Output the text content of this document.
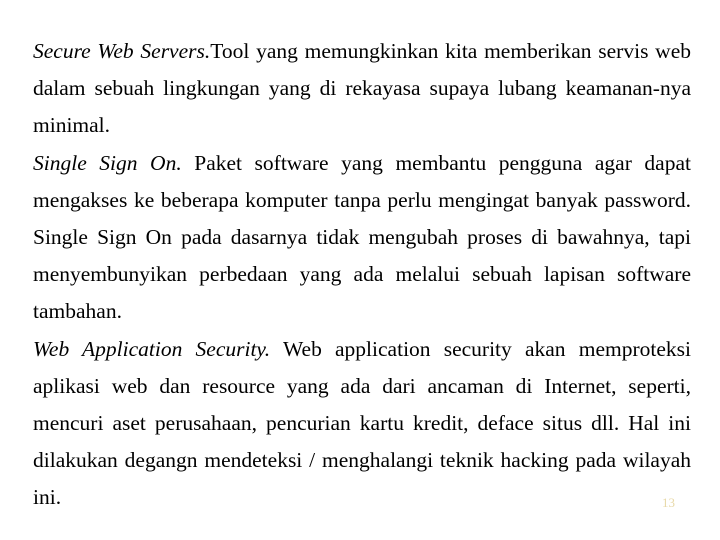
Secure Web Servers.Tool yang memungkinkan kita memberikan servis web dalam sebuah lingkungan yang di rekayasa supaya lubang keamanan-nya minimal.

Single Sign On. Paket software yang membantu pengguna agar dapat mengakses ke beberapa komputer tanpa perlu mengingat banyak password. Single Sign On pada dasarnya tidak mengubah proses di bawahnya, tapi menyembunyikan perbedaan yang ada melalui sebuah lapisan software tambahan.

Web Application Security. Web application security akan memproteksi aplikasi web dan resource yang ada dari ancaman di Internet, seperti, mencuri aset perusahaan, pencurian kartu kredit, deface situs dll. Hal ini dilakukan degangn mendeteksi / menghalangi teknik hacking pada wilayah ini.	13
